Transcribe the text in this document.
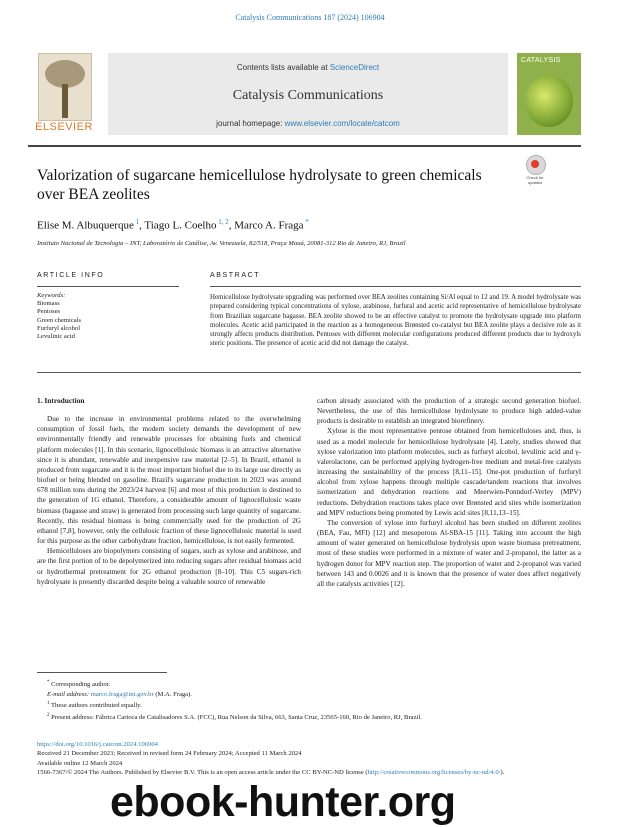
Catalysis Communications 187 (2024) 106904
ELSEVIER
Contents lists available at ScienceDirect
Catalysis Communications
journal homepage: www.elsevier.com/locate/catcom
CATALYSIS
Valorization of sugarcane hemicellulose hydrolysate to green chemicals over BEA zeolites
Check for updates
Elise M. Albuquerque $^1$, Tiago L. Coelho $^{1, 2}$, Marco A. Fraga *
Instituto Nacional de Tecnologia – INT, Laboratório de Catálise, Av. Venezuela, 82/518, Praça Mauá, 20081-312 Rio de Janeiro, RJ, Brazil
ARTICLE INFO	ABSTRACT
Keywords:
Biomass
Pentoses
Green chemicals
Furfuryl alcohol
Levulinic acid
Hemicellulose hydrolysate upgrading was performed over BEA zeolites containing Si/Al equal to 12 and 19. A model hydrolysate was prepared considering typical concentrations of xylose, arabinose, furfural and acetic acid representative of hemicellulose hydrolysate from Brazilian sugarcane bagasse. BEA zeolite showed to be an effective catalyst to promote the hydrolysate upgrade into platform molecules. Acetic acid participated in the reaction as a homogeneous Brønsted co-catalyst but BEA zeolite plays a decisive role as it strongly affects products distribution. Pentoses with different molecular configurations produced different products due to hydroxyls steric positions. The presence of acetic acid did not damage the catalyst.

1. Introduction

Due to the increase in environmental problems related to the overwhelming consumption of fossil fuels, the modern society demands the development of new environmentally friendly and renewable processes for obtaining fuels and chemical platform molecules [1]. In this scenario, lignocellulosic biomass is an attractive alternative since it is abundant, renewable and inexpensive raw material [2–5]. In Brazil, ethanol is produced from sugarcane and it is the most important biofuel due to its large use directly as biofuel or being blended on gasoline. Brazil's sugarcane production in 2023 was around 678 million tons during the 2023/24 harvest [6] and most of this production is destined to the generation of 1G ethanol. Therefore, a considerable amount of lignocellulosic waste biomass (bagasse and straw) is generated from processing such large quantity of sugarcane. Recently, this residual biomass is being commercially used for the production of 2G ethanol [7,8], however, only the cellulosic fraction of these lignocellulosic material is used for this purpose as the other carbohydrate fraction, hemicellulose, is not easily fermented.

Hemicelluloses are biopolymers consisting of sugars, such as xylose and arabinose, and are the first portion of to be depolymerized into reducing sugars after residual biomass acid or hydrothermal pretreatment for 2G ethanol production [8–10]. This C5 sugars-rich hydrolysate is presently discarded despite being a valuable source of renewable

carbon already associated with the production of a strategic second generation biofuel. Nevertheless, the use of this hemicellulose hydrolysate to produce high added-value products is desirable to establish an integrated biorefinery.

Xylose is the most representative pentose obtained from hemicelluloses and, thus, is used as a model molecule for hemicellulose hydrolysate [4]. Lately, studies showed that xylose valorization into platform molecules, such as furfuryl alcohol, levulinic acid and γ-valerolactone, can be performed applying hydrogen-free medium and metal-free catalysts increasing the sustainability of the process [8,11–15]. One-pot production of furfuryl alcohol from xylose happens through multiple cascade/tandem reactions that involves isomerization and dehydration reactions and Meerwien-Ponndorf-Verley (MPV) reductions. Dehydration reactions takes place over Brønsted acid sites while isomerization and MPV reductions being promoted by Lewis acid sites [8,11,13–15].

The conversion of xylose into furfuryl alcohol has been studied on different zeolites (BEA, Fau, MFI) [12] and mesoporous Al-SBA-15 [11]. Taking into account the high amount of water generated on hemicellulose hydrolysis upon waste biomass pretreatment, most of these studies were performed in a mixture of water and 2-propanol, the latter as a hydrogen donor for MPV reaction step. The proportion of water and 2-propanol was varied between 143 and 0.0026 and it is known that the presence of water does affect negatively all the catalysts activities [12].

* Corresponding author.
E-mail address: marco.fraga@int.gov.br (M.A. Fraga).
$^1$ These authors contributed equally.
$^2$ Present address: Fábrica Carioca de Catalisadores S.A. (FCC), Rua Nelson da Silva, 663, Santa Cruz, 23565-160, Rio de Janeiro, RJ, Brazil.
https://doi.org/10.1016/j.catcom.2024.106904
Received 21 December 2023; Received in revised form 24 February 2024; Accepted 11 March 2024
Available online 12 March 2024
1566-7367/© 2024 The Authors. Published by Elsevier B.V. This is an open access article under the CC BY-NC-ND license (http://creativecommons.org/licenses/by-nc-nd/4.0/).
ebook-hunter.org
